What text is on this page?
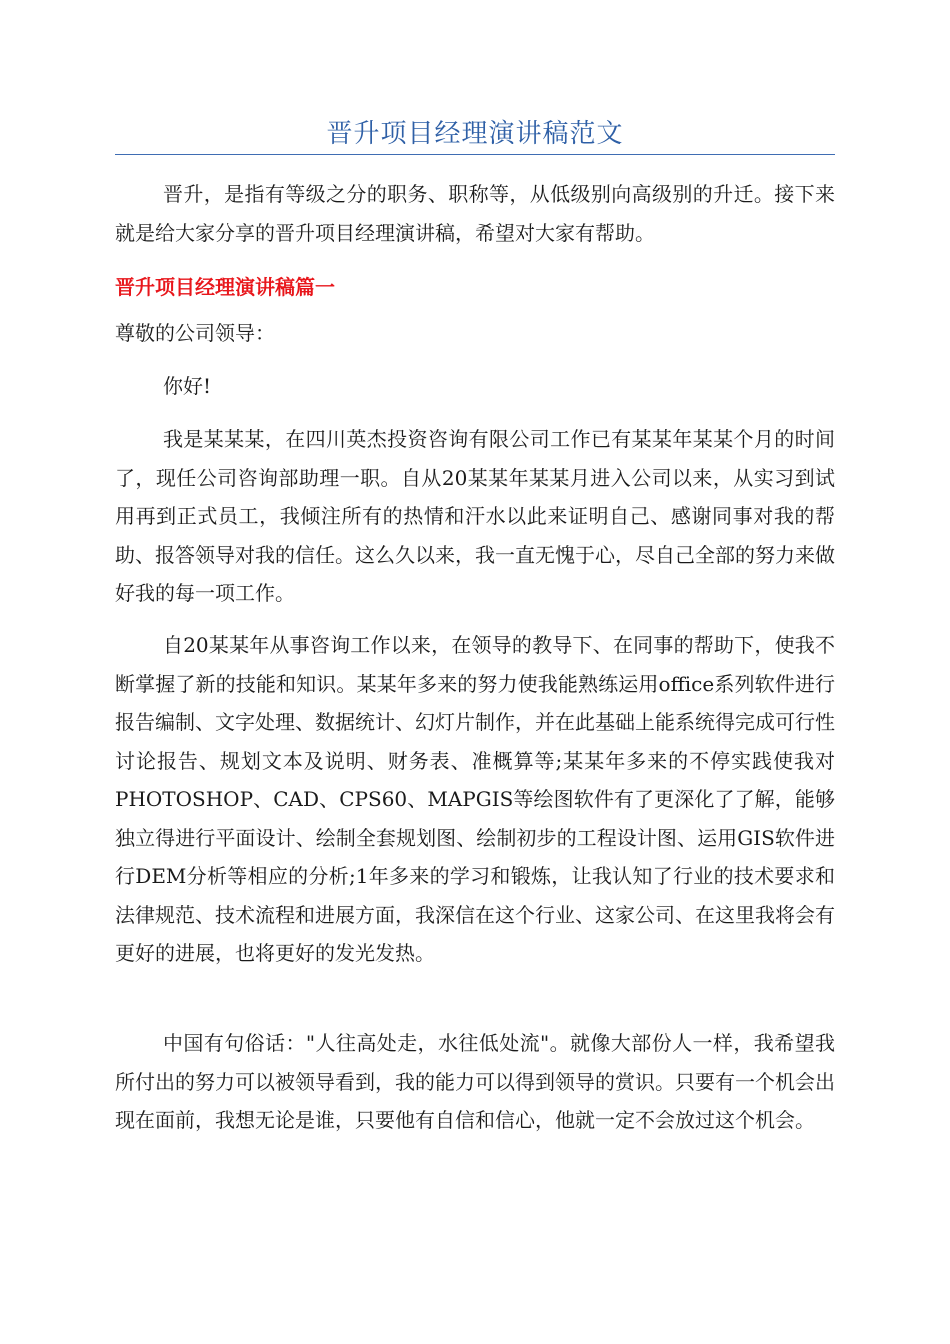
晋升项目经理演讲稿范文

晋升，是指有等级之分的职务、职称等，从低级别向高级别的升迁。接下来就是给大家分享的晋升项目经理演讲稿，希望对大家有帮助。

晋升项目经理演讲稿篇一

尊敬的公司领导：

你好!

我是某某某，在四川英杰投资咨询有限公司工作已有某某年某某个月的时间了，现任公司咨询部助理一职。自从20某某年某某月进入公司以来，从实习到试用再到正式员工，我倾注所有的热情和汗水以此来证明自己、感谢同事对我的帮助、报答领导对我的信任。这么久以来，我一直无愧于心，尽自己全部的努力来做好我的每一项工作。

自20某某年从事咨询工作以来，在领导的教导下、在同事的帮助下，使我不断掌握了新的技能和知识。某某年多来的努力使我能熟练运用office系列软件进行报告编制、文字处理、数据统计、幻灯片制作，并在此基础上能系统得完成可行性讨论报告、规划文本及说明、财务表、准概算等;某某年多来的不停实践使我对PHOTOSHOP、CAD、CPS60、MAPGIS等绘图软件有了更深化了了解，能够独立得进行平面设计、绘制全套规划图、绘制初步的工程设计图、运用GIS软件进行DEM分析等相应的分析;1年多来的学习和锻炼，让我认知了行业的技术要求和法律规范、技术流程和进展方面，我深信在这个行业、这家公司、在这里我将会有更好的进展，也将更好的发光发热。

中国有句俗话："人往高处走，水往低处流"。就像大部份人一样，我希望我所付出的努力可以被领导看到，我的能力可以得到领导的赏识。只要有一个机会出现在面前，我想无论是谁，只要他有自信和信心，他就一定不会放过这个机会。
